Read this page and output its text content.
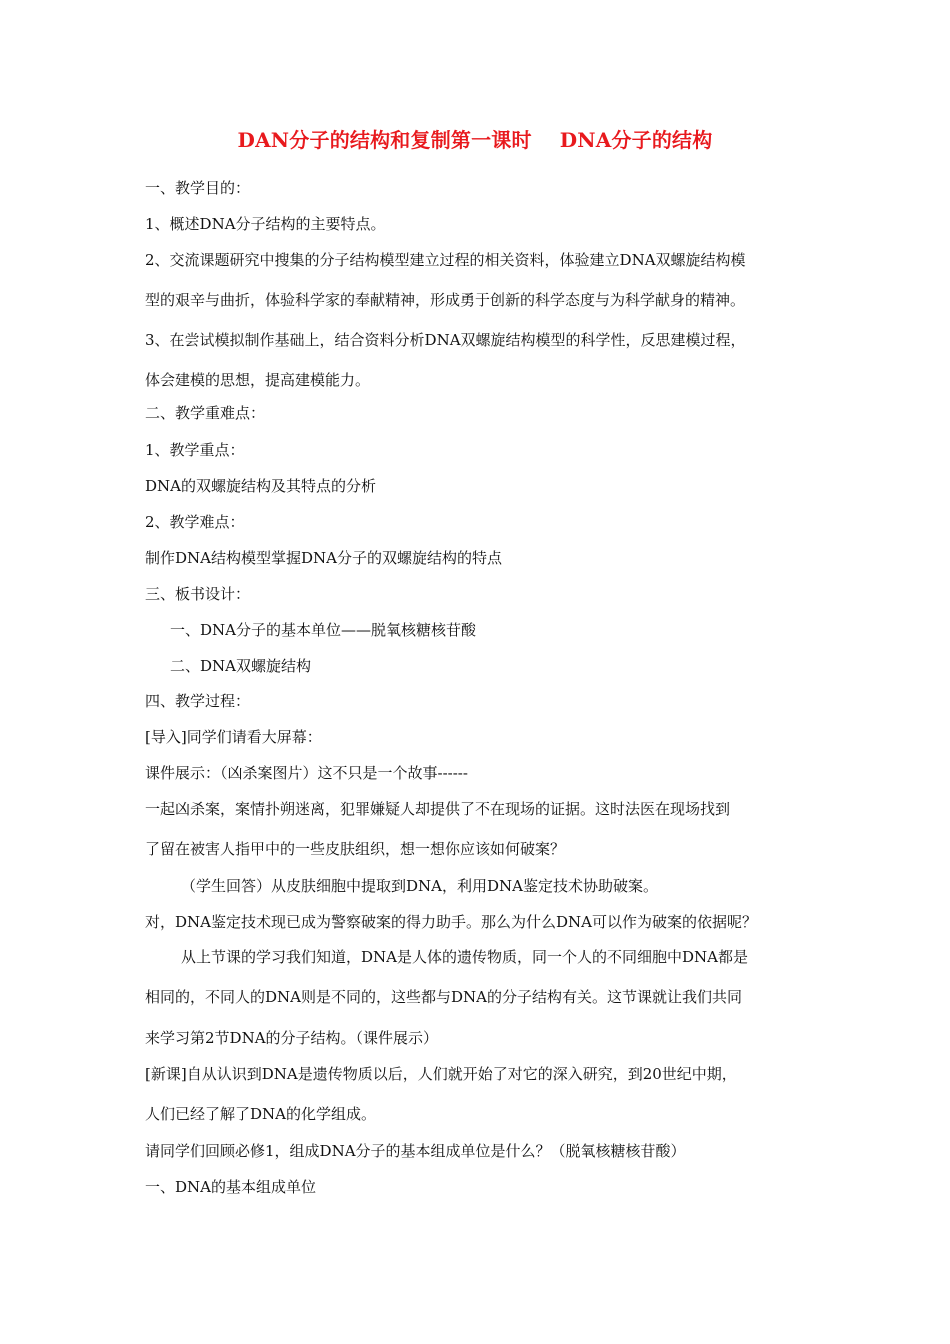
DAN分子的结构和复制第一课时 DNA分子的结构
一、教学目的：
1、概述DNA分子结构的主要特点。
2、交流课题研究中搜集的分子结构模型建立过程的相关资料，体验建立DNA双螺旋结构模
型的艰辛与曲折，体验科学家的奉献精神，形成勇于创新的科学态度与为科学献身的精神。
3、在尝试模拟制作基础上，结合资料分析DNA双螺旋结构模型的科学性，反思建模过程，
体会建模的思想，提高建模能力。
二、教学重难点：
1、教学重点：
DNA的双螺旋结构及其特点的分析
2、教学难点：
制作DNA结构模型掌握DNA分子的双螺旋结构的特点
三、板书设计：
一、DNA分子的基本单位——脱氧核糖核苷酸
二、DNA双螺旋结构
四、教学过程：
[导入]同学们请看大屏幕：
课件展示：（凶杀案图片）这不只是一个故事------
一起凶杀案，案情扑朔迷离，犯罪嫌疑人却提供了不在现场的证据。这时法医在现场找到
了留在被害人指甲中的一些皮肤组织，想一想你应该如何破案？
（学生回答）从皮肤细胞中提取到DNA，利用DNA鉴定技术协助破案。
对，DNA鉴定技术现已成为警察破案的得力助手。那么为什么DNA可以作为破案的依据呢？
从上节课的学习我们知道，DNA是人体的遗传物质，同一个人的不同细胞中DNA都是
相同的，不同人的DNA则是不同的，这些都与DNA的分子结构有关。这节课就让我们共同
来学习第2节DNA的分子结构。（课件展示）
[新课]自从认识到DNA是遗传物质以后，人们就开始了对它的深入研究，到20世纪中期，
人们已经了解了DNA的化学组成。
请同学们回顾必修1，组成DNA分子的基本组成单位是什么？（脱氧核糖核苷酸）
一、DNA的基本组成单位
